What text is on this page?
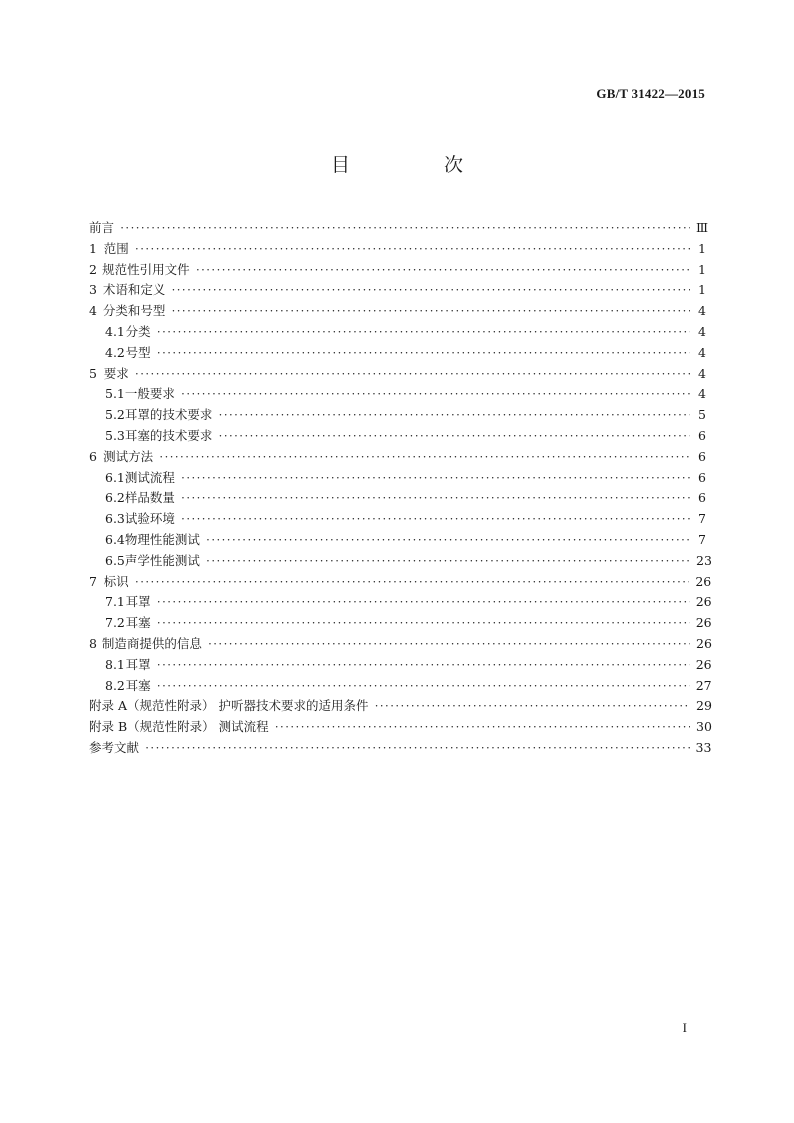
GB/T 31422—2015
目 次
前言 ·····	Ⅲ
1 范围 ·····	1
2 规范性引用文件 ·····	1
3 术语和定义 ·····	1
4 分类和号型 ·····	4
4.1 分类 ·····	4
4.2 号型 ·····	4
5 要求 ·····	4
5.1 一般要求 ·····	4
5.2 耳罩的技术要求 ·····	5
5.3 耳塞的技术要求 ·····	6
6 测试方法 ·····	6
6.1 测试流程 ·····	6
6.2 样品数量 ·····	6
6.3 试验环境 ·····	7
6.4 物理性能测试 ·····	7
6.5 声学性能测试 ·····	23
7 标识 ·····	26
7.1 耳罩 ·····	26
7.2 耳塞 ·····	26
8 制造商提供的信息 ·····	26
8.1 耳罩 ·····	26
8.2 耳塞 ·····	27
附录 A（规范性附录） 护听器技术要求的适用条件 ·····	29
附录 B（规范性附录） 测试流程 ·····	30
参考文献 ·····	33
I
